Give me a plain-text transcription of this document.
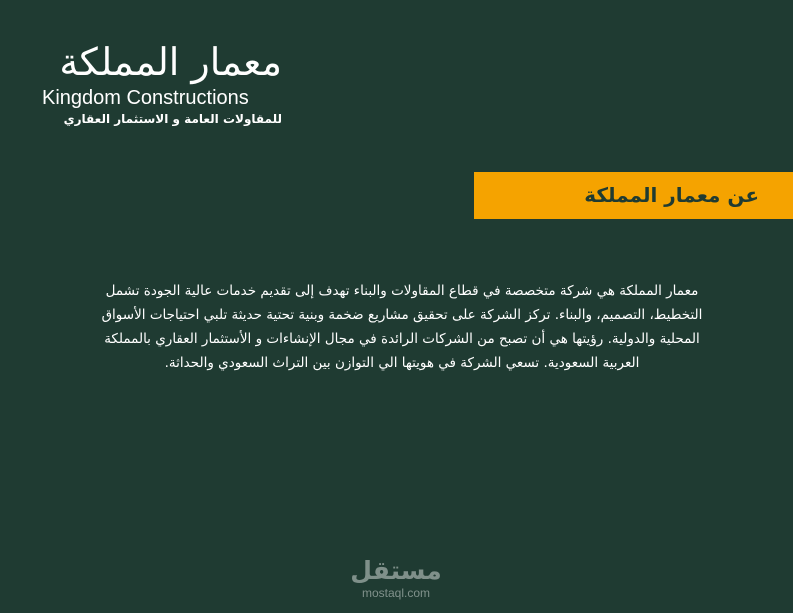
معمار المملكة
Kingdom Constructions
للمقاولات العامة و الاستثمار العقاري
عن معمار المملكة

معمار المملكة هي شركة متخصصة في قطاع المقاولات والبناء تهدف إلى تقديم خدمات عالية الجودة تشمل التخطيط، التصميم، والبناء. تركز الشركة على تحقيق مشاريع ضخمة وبنية تحتية حديثة تلبي احتياجات الأسواق المحلية والدولية. رؤيتها هي أن تصبح من الشركات الرائدة في مجال الإنشاءات و الأستثمار العقاري بالمملكة العربية السعودية. تسعي الشركة في هويتها الي التوازن بين التراث السعودي والحداثة.

مستقل
mostaql.com
